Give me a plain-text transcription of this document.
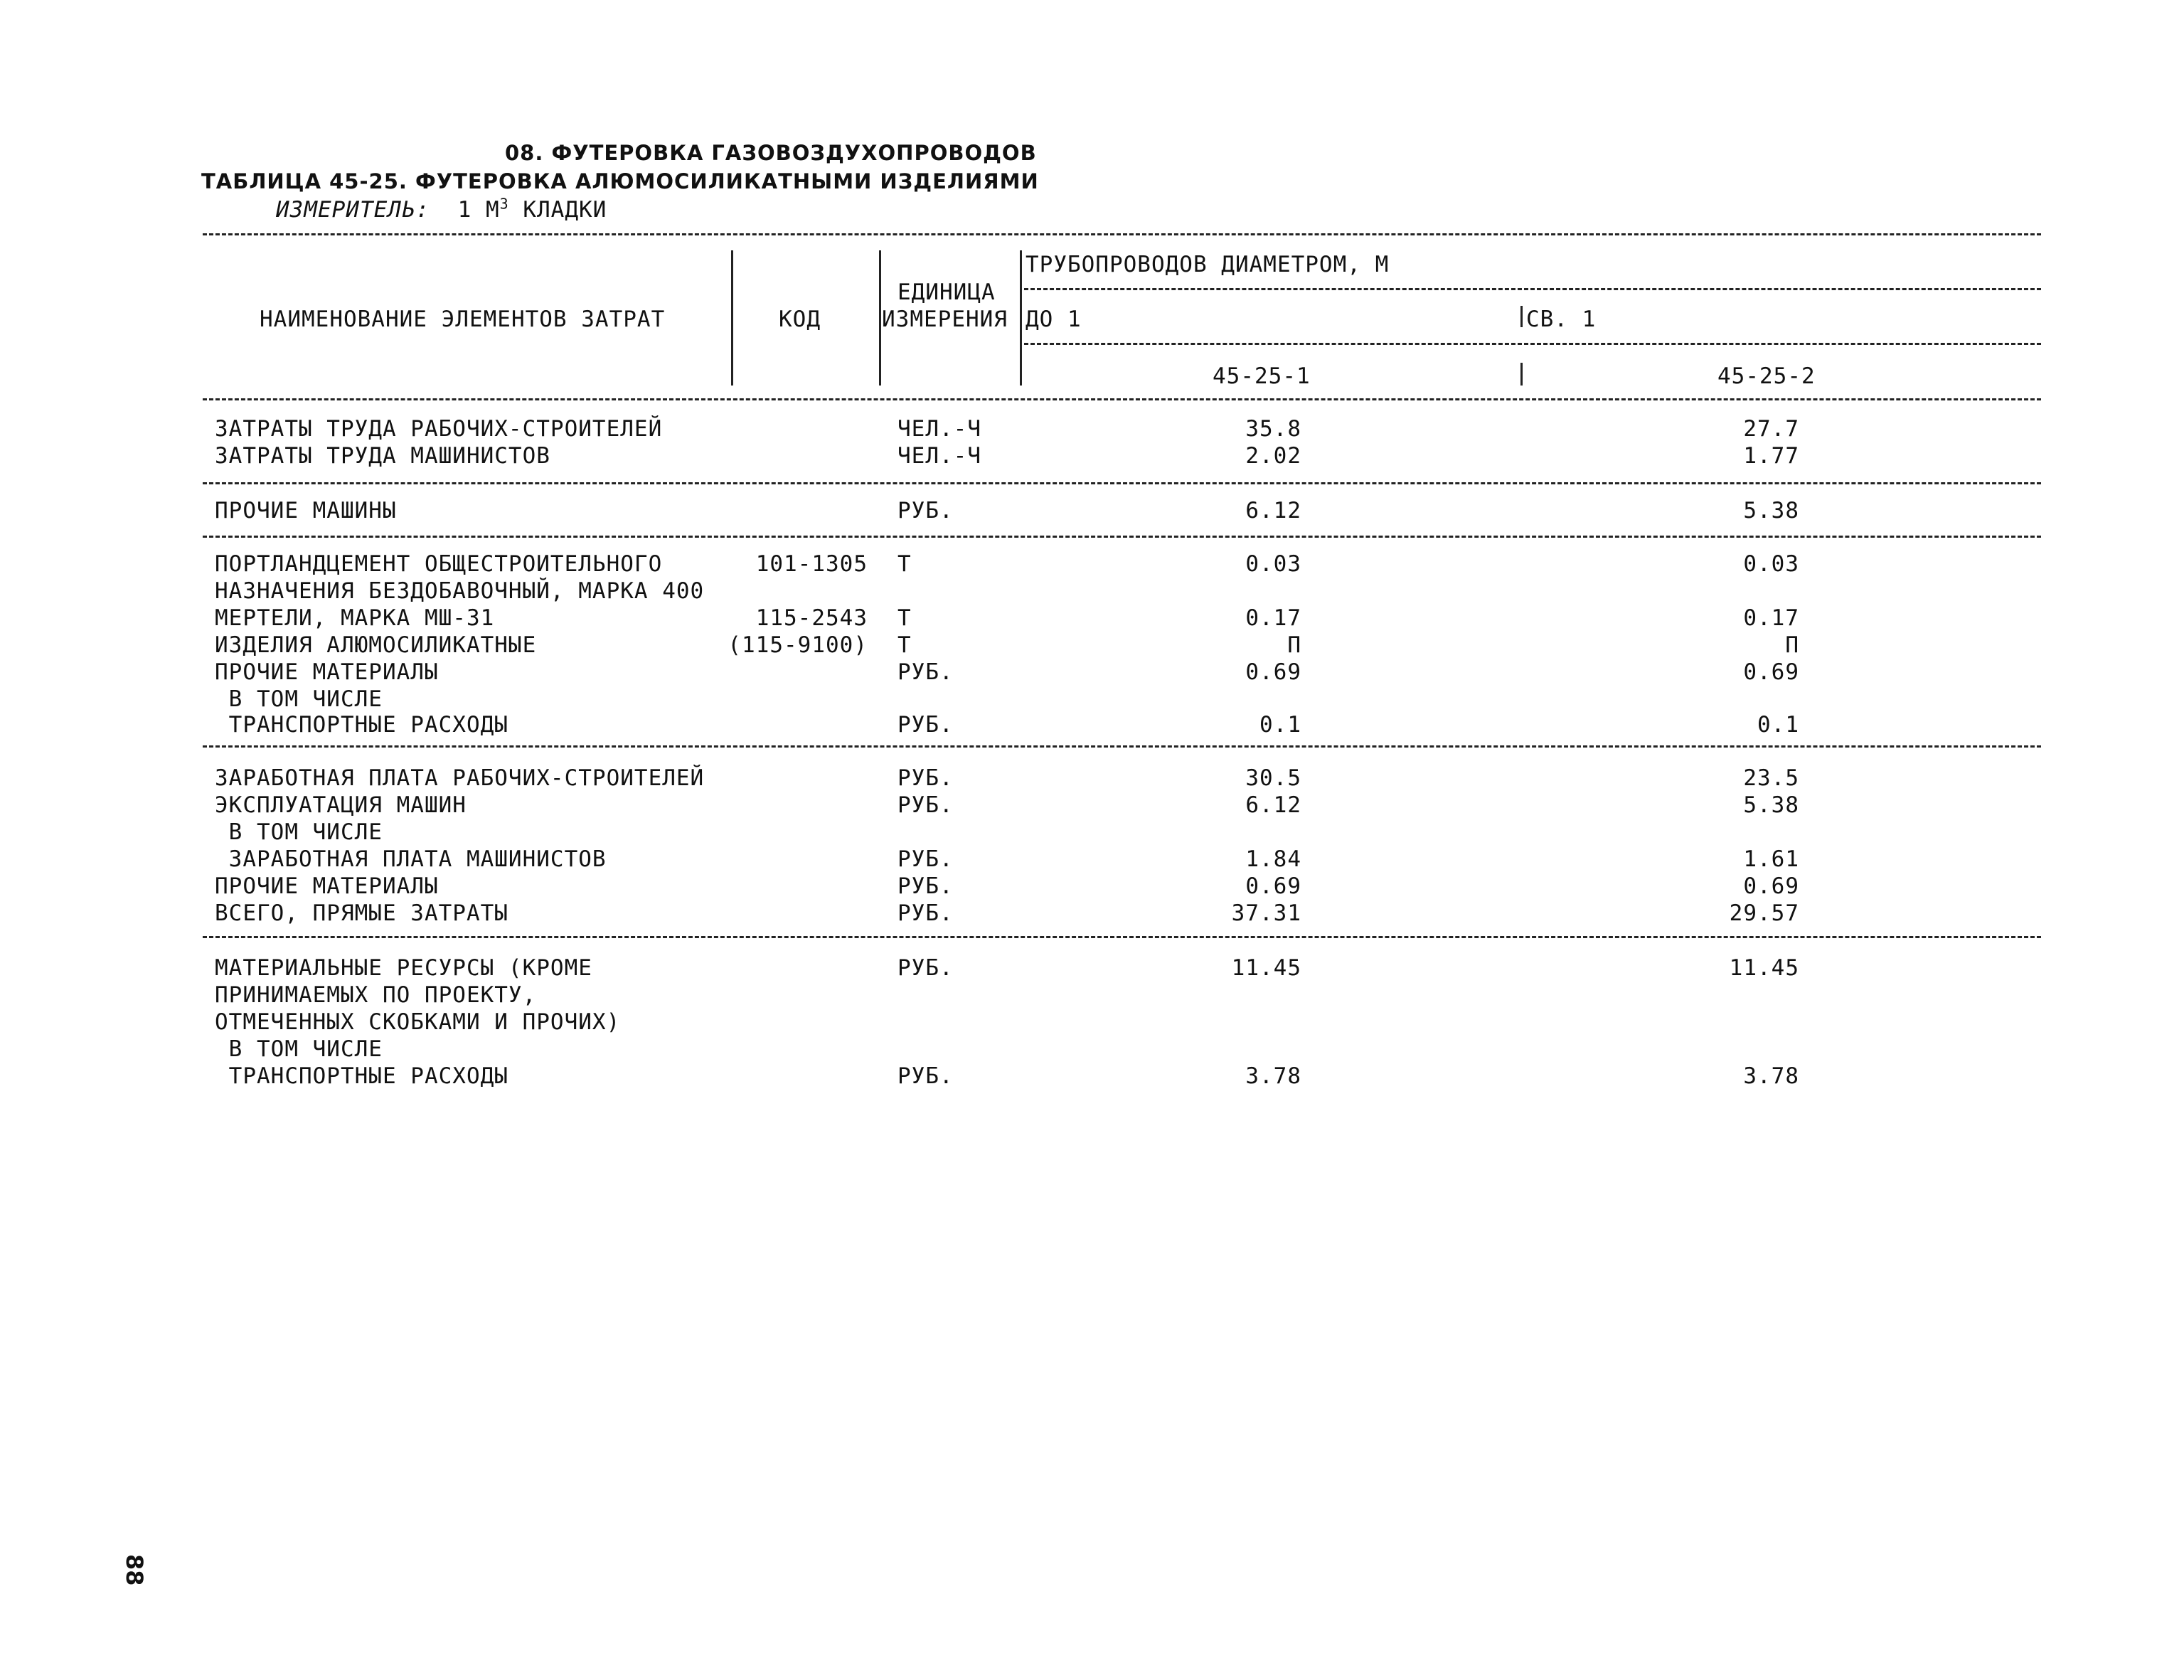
08. ФУТЕРОВКА ГАЗОВОЗДУХОПРОВОДОВ
ТАБЛИЦА 45-25. ФУТЕРОВКА АЛЮМОСИЛИКАТНЫМИ ИЗДЕЛИЯМИ
ИЗМЕРИТЕЛЬ: 1 $М^3$ КЛАДКИ
НАИМЕНОВАНИЕ ЭЛЕМЕНТОВ ЗАТРАТ	КОД
ЕДИНИЦА
ИЗМЕРЕНИЯ
ТРУБОПРОВОДОВ ДИАМЕТРОМ, М
ДО 1	СВ. 1
45-25-1	45-25-2
ЗАТРАТЫ ТРУДА РАБОЧИХ-СТРОИТЕЛЕЙ	ЧЕЛ.-Ч	35.8	27.7
ЗАТРАТЫ ТРУДА МАШИНИСТОВ	ЧЕЛ.-Ч	2.02	1.77
ПРОЧИЕ МАШИНЫ	РУБ.	6.12	5.38
ПОРТЛАНДЦЕМЕНТ ОБЩЕСТРОИТЕЛЬНОГО	101-1305 Т	0.03	0.03
НАЗНАЧЕНИЯ БЕЗДОБАВОЧНЫЙ, МАРКА 400
МЕРТЕЛИ, МАРКА МШ-31	115-2543 Т	0.17	0.17
ИЗДЕЛИЯ АЛЮМОСИЛИКАТНЫЕ	(115-9100) Т	П	П
ПРОЧИЕ МАТЕРИАЛЫ	РУБ.	0.69	0.69
В ТОМ ЧИСЛЕ
ТРАНСПОРТНЫЕ РАСХОДЫ	РУБ.	0.1	0.1
ЗАРАБОТНАЯ ПЛАТА РАБОЧИХ-СТРОИТЕЛЕЙ	РУБ.	30.5	23.5
ЭКСПЛУАТАЦИЯ МАШИН	РУБ.	6.12	5.38
В ТОМ ЧИСЛЕ
ЗАРАБОТНАЯ ПЛАТА МАШИНИСТОВ	РУБ.	1.84	1.61
ПРОЧИЕ МАТЕРИАЛЫ	РУБ.	0.69	0.69
ВСЕГО, ПРЯМЫЕ ЗАТРАТЫ	РУБ.	37.31	29.57
МАТЕРИАЛЬНЫЕ РЕСУРСЫ (КРОМЕ	РУБ.	11.45	11.45
ПРИНИМАЕМЫХ ПО ПРОЕКТУ,
ОТМЕЧЕННЫХ СКОБКАМИ И ПРОЧИХ)
В ТОМ ЧИСЛЕ
ТРАНСПОРТНЫЕ РАСХОДЫ	РУБ.	3.78	3.78
88
